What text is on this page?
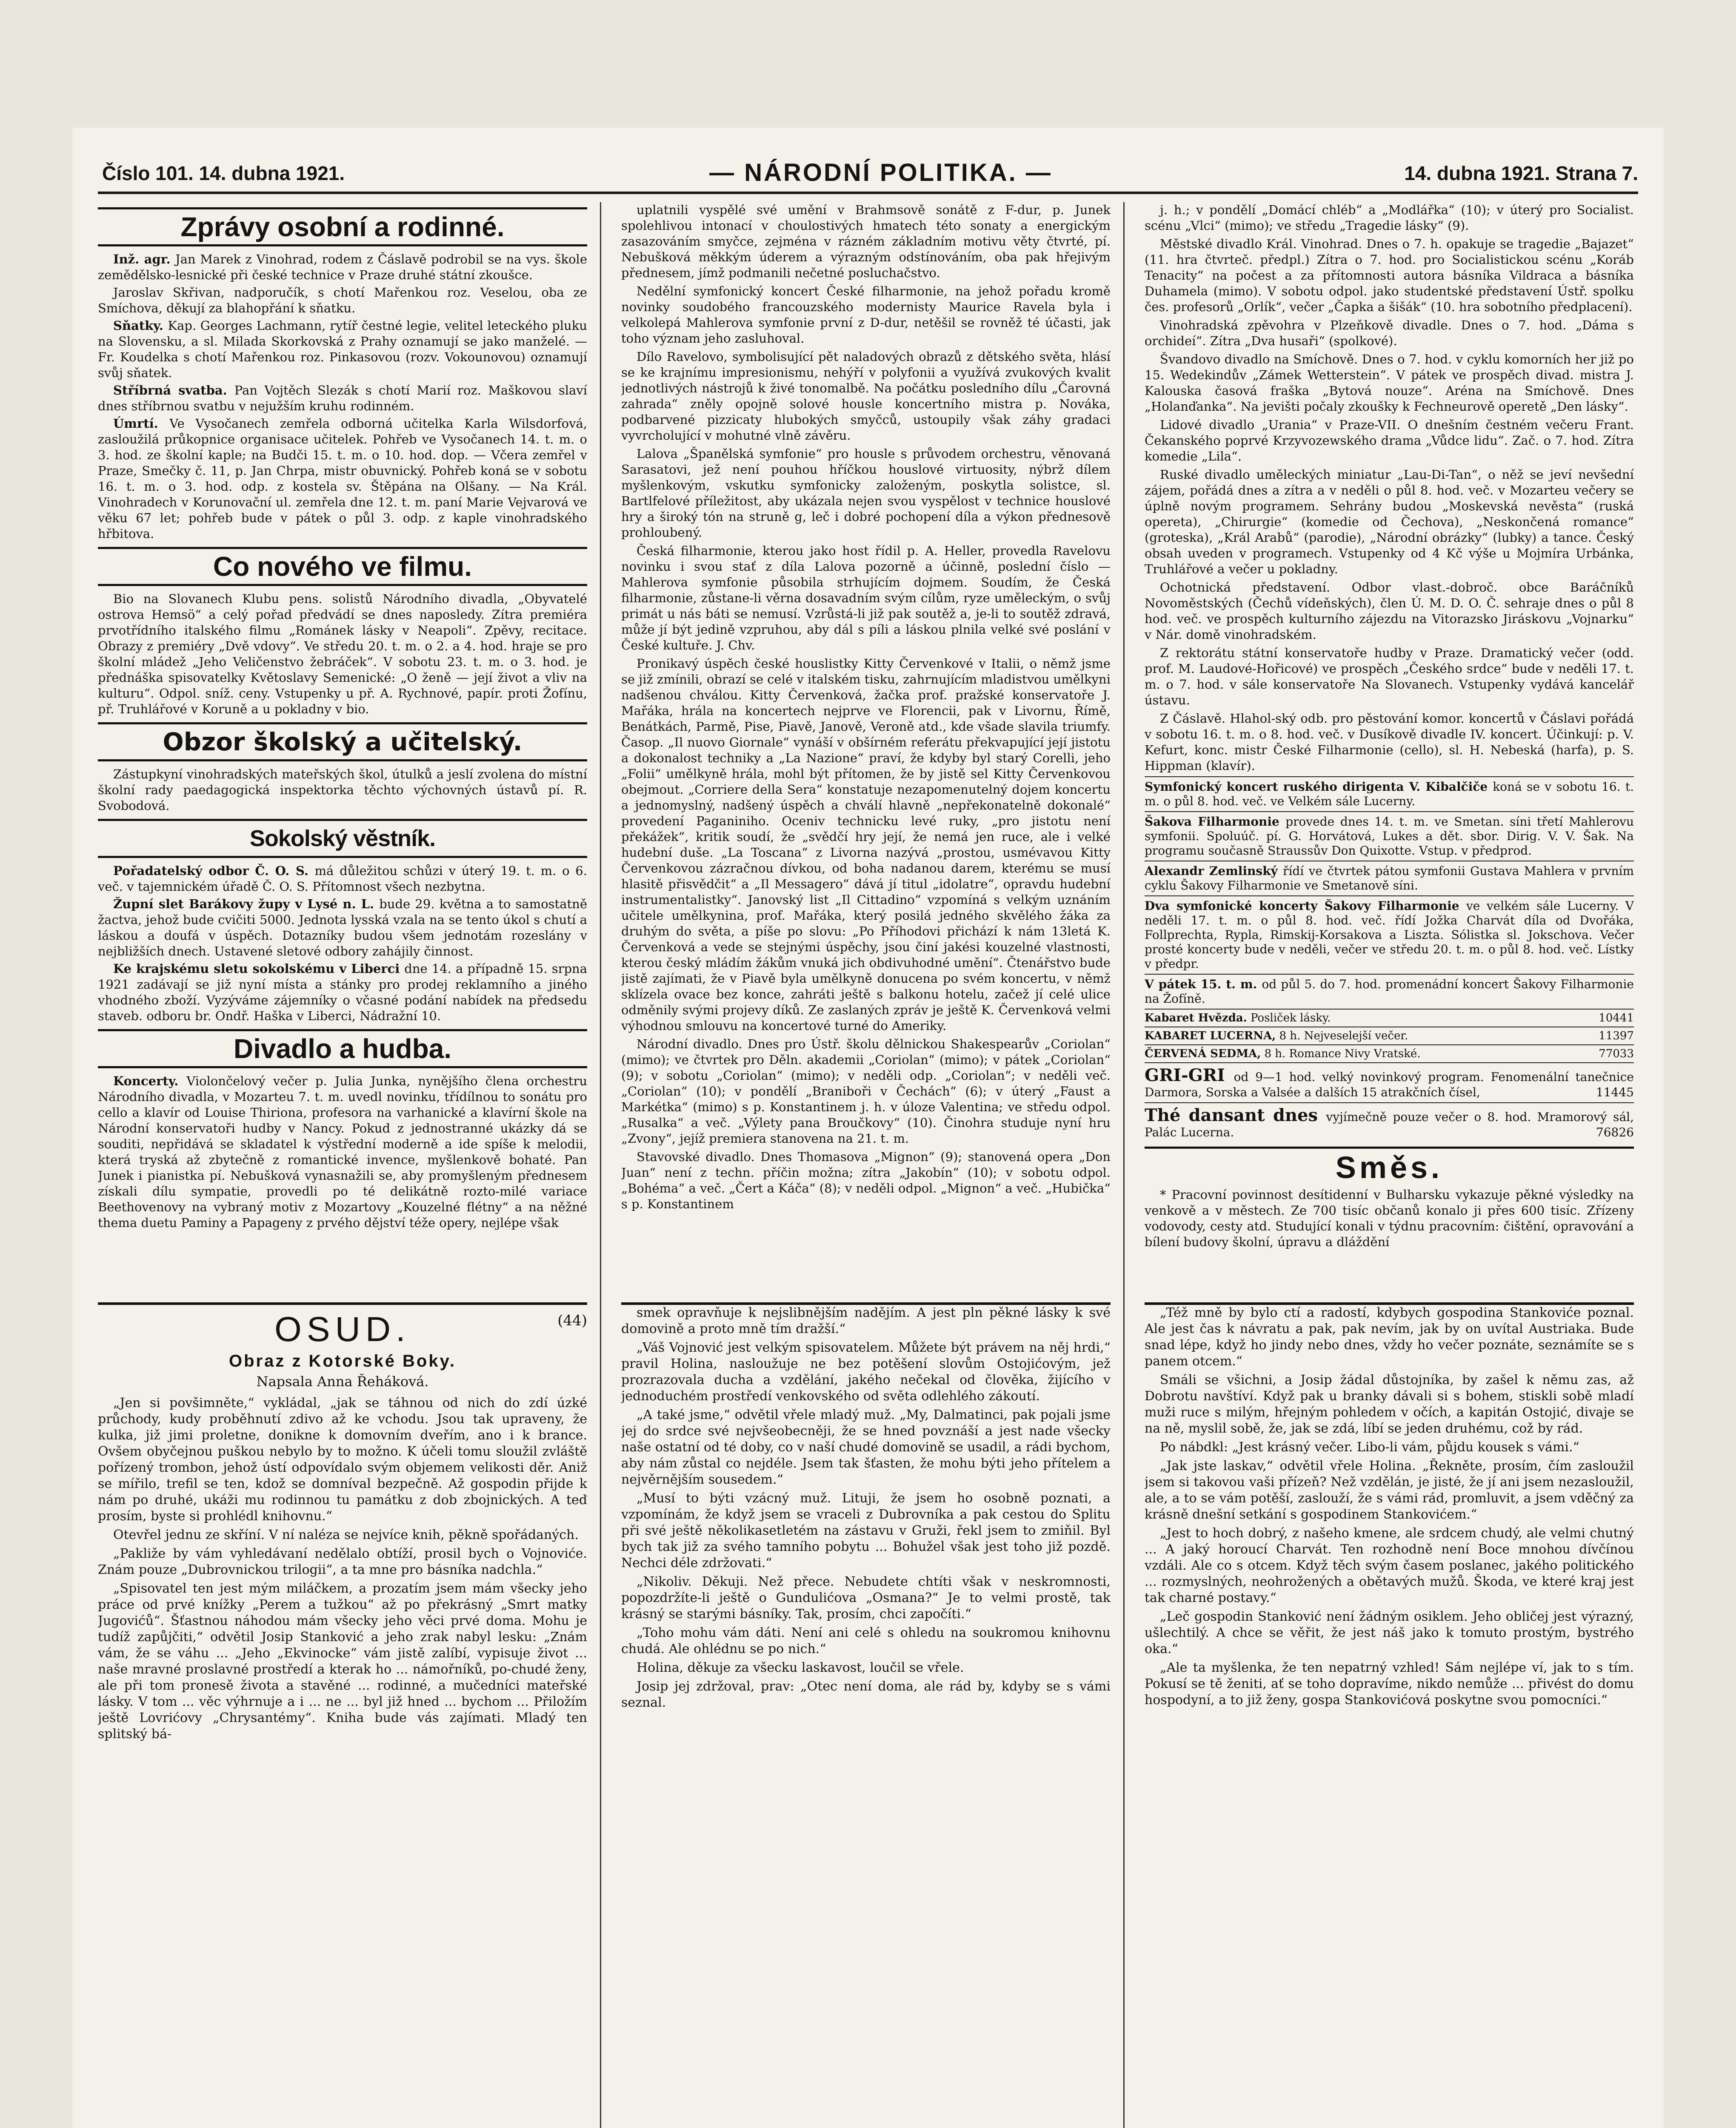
Číslo 101. 14. dubna 1921.	— NÁRODNÍ POLITIKA. —	14. dubna 1921. Strana 7.
Zprávy osobní a rodinné.

Inž. agr. Jan Marek z Vinohrad, rodem z Čáslavě podrobil se na vys. škole zemědělsko-lesnické při české technice v Praze druhé státní zkoušce.

Jaroslav Skřivan, nadporučík, s chotí Mařenkou roz. Veselou, oba ze Smíchova, děkují za blahopřání k sňatku.

Sňatky. Kap. Georges Lachmann, rytíř čestné legie, velitel leteckého pluku na Slovensku, a sl. Milada Skorkovská z Prahy oznamují se jako manželé. — Fr. Koudelka s chotí Mařenkou roz. Pinkasovou (rozv. Vokounovou) oznamují svůj sňatek.

Stříbrná svatba. Pan Vojtěch Slezák s chotí Marií roz. Maškovou slaví dnes stříbrnou svatbu v nejužším kruhu rodinném.

Úmrtí. Ve Vysočanech zemřela odborná učitelka Karla Wilsdorfová, zasloužilá průkopnice organisace učitelek. Pohřeb ve Vysočanech 14. t. m. o 3. hod. ze školní kaple; na Budči 15. t. m. o 10. hod. dop. — Včera zemřel v Praze, Smečky č. 11, p. Jan Chrpa, mistr obuvnický. Pohřeb koná se v sobotu 16. t. m. o 3. hod. odp. z kostela sv. Štěpána na Olšany. — Na Král. Vinohradech v Korunovační ul. zemřela dne 12. t. m. paní Marie Vejvarová ve věku 67 let; pohřeb bude v pátek o půl 3. odp. z kaple vinohradského hřbitova.

Co nového ve filmu.

Bio na Slovanech Klubu pens. solistů Národního divadla, „Obyvatelé ostrova Hemsö“ a celý pořad předvádí se dnes naposledy. Zítra premiéra prvotřídního italského filmu „Románek lásky v Neapoli“. Zpěvy, recitace. Obrazy z premiéry „Dvě vdovy“. Ve středu 20. t. m. o 2. a 4. hod. hraje se pro školní mládež „Jeho Veličenstvo žebráček“. V sobotu 23. t. m. o 3. hod. je přednáška spisovatelky Květoslavy Semenické: „O ženě — její život a vliv na kulturu“. Odpol. sníž. ceny. Vstupenky u př. A. Rychnové, papír. proti Žofínu, př. Truhlářové v Koruně a u pokladny v bio.

Obzor školský a učitelský.

Zástupkyní vinohradských mateřských škol, útulků a jeslí zvolena do místní školní rady paedagogická inspektorka těchto výchovných ústavů pí. R. Svobodová.

Sokolský věstník.

Pořadatelský odbor Č. O. S. má důležitou schůzi v úterý 19. t. m. o 6. več. v tajemnickém úřadě Č. O. S. Přítomnost všech nezbytna.

Župní slet Barákovy župy v Lysé n. L. bude 29. května a to samostatně žactva, jehož bude cvičiti 5000. Jednota lysská vzala na se tento úkol s chutí a láskou a doufá v úspěch. Dotazníky budou všem jednotám rozeslány v nejbližších dnech. Ustavené sletové odbory zahájily činnost.

Ke krajskému sletu sokolskému v Liberci dne 14. a případně 15. srpna 1921 zadávají se již nyní místa a stánky pro prodej reklamního a jiného vhodného zboží. Vyzýváme zájemníky o včasné podání nabídek na předsedu staveb. odboru br. Ondř. Haška v Liberci, Nádražní 10.

Divadlo a hudba.

Koncerty. Violončelový večer p. Julia Junka, nynějšího člena orchestru Národního divadla, v Mozarteu 7. t. m. uvedl novinku, třídílnou to sonátu pro cello a klavír od Louise Thiriona, profesora na varhanické a klavírní škole na Národní konservatoři hudby v Nancy. Pokud z jednostranné ukázky dá se souditi, nepřidává se skladatel k výstřední moderně a ide spíše k melodii, která tryská až zbytečně z romantické invence, myšlenkově bohaté. Pan Junek i pianistka pí. Nebušková vynasnažili se, aby promyšleným přednesem získali dílu sympatie, provedli po té delikátně rozto-milé variace Beethovenovy na vybraný motiv z Mozartovy „Kouzelné flétny“ a na něžné thema duetu Paminy a Papageny z prvého dějství téže opery, nejlépe však

uplatnili vyspělé své umění v Brahmsově sonátě z F-dur, p. Junek spolehlivou intonací v choulostivých hmatech této sonaty a energickým zasazováním smyčce, zejména v rázném základním motivu věty čtvrté, pí. Nebušková měkkým úderem a výrazným odstínováním, oba pak hřejivým přednesem, jímž podmanili nečetné posluchačstvo.

Nedělní symfonický koncert České filharmonie, na jehož pořadu kromě novinky soudobého francouzského modernisty Maurice Ravela byla i velkolepá Mahlerova symfonie první z D-dur, netěšil se rovněž té účasti, jak toho význam jeho zasluhoval.

Dílo Ravelovo, symbolisující pět naladových obrazů z dětského světa, hlásí se ke krajnímu impresionismu, nehýří v polyfonii a využívá zvukových kvalit jednotlivých nástrojů k živé tonomalbě. Na počátku posledního dílu „Čarovná zahrada“ zněly opojně solové housle koncertního mistra p. Nováka, podbarvené pizzicaty hlubokých smyčců, ustoupily však záhy gradaci vyvrcholující v mohutné vlně závěru.

Lalova „Španělská symfonie“ pro housle s průvodem orchestru, věnovaná Sarasatovi, jež není pouhou hříčkou houslové virtuosity, nýbrž dílem myšlenkovým, vskutku symfonicky založeným, poskytla solistce, sl. Bartlfelové příležitost, aby ukázala nejen svou vyspělost v technice houslové hry a široký tón na struně g, leč i dobré pochopení díla a výkon přednesově prohloubený.

Česká filharmonie, kterou jako host řídil p. A. Heller, provedla Ravelovu novinku i svou stať z díla Lalova pozorně a účinně, poslední číslo — Mahlerova symfonie působila strhujícím dojmem. Soudím, že Česká filharmonie, zůstane-li věrna dosavadním svým cílům, ryze uměleckým, o svůj primát u nás báti se nemusí. Vzrůstá-li již pak soutěž a, je-li to soutěž zdravá, může jí být jedině vzpruhou, aby dál s píli a láskou plnila velké své poslání v České kultuře. J. Chv.

Pronikavý úspěch české houslistky Kitty Červenkové v Italii, o němž jsme se již zmínili, obrazí se celé v italském tisku, zahrnujícím mladistvou umělkyni nadšenou chválou. Kitty Červenková, žačka prof. pražské konservatoře J. Mařáka, hrála na koncertech nejprve ve Florencii, pak v Livornu, Římě, Benátkách, Parmě, Pise, Piavě, Janově, Veroně atd., kde všade slavila triumfy. Časop. „Il nuovo Giornale“ vynáší v obšírném referátu překvapující její jistotu a dokonalost techniky a „La Nazione“ praví, že kdyby byl starý Corelli, jeho „Folii“ umělkyně hrála, mohl být přítomen, že by jistě sel Kitty Červenkovou obejmout. „Corriere della Sera“ konstatuje nezapomenutelný dojem koncertu a jednomyslný, nadšený úspěch a chválí hlavně „nepřekonatelně dokonalé“ provedení Paganiniho. Oceniv technicku levé ruky, „pro jistotu není překážek“, kritik soudí, že „svědčí hry její, že nemá jen ruce, ale i velké hudební duše. „La Toscana“ z Livorna nazývá „prostou, usmévavou Kitty Červenkovou zázračnou dívkou, od boha nadanou darem, kterému se musí hlasitě přisvědčit“ a „Il Messagero“ dává jí titul „idolatre“, opravdu hudební instrumentalistky“. Janovský list „Il Cittadino“ vzpomíná s velkým uznáním učitele umělkynina, prof. Mařáka, který posilá jedného skvělého žáka za druhým do světa, a píše po slovu: „Po Příhodovi přichází k nám 13letá K. Červenková a vede se stejnými úspěchy, jsou činí jakési kouzelné vlastnosti, kterou český mládím žákům vnuká jich obdivuhodné umění“. Čtenářstvo bude jistě zajímati, že v Piavě byla umělkyně donucena po svém koncertu, v němž sklízela ovace bez konce, zahráti ještě s balkonu hotelu, začež jí celé ulice odměnily svými projevy díků. Ze zaslaných zpráv je ještě K. Červenková velmi výhodnou smlouvu na koncertové turné do Ameriky.

Národní divadlo. Dnes pro Ústř. školu dělnickou Shakespearův „Coriolan“ (mimo); ve čtvrtek pro Děln. akademii „Coriolan“ (mimo); v pátek „Coriolan“ (9); v sobotu „Coriolan“ (mimo); v neděli odp. „Coriolan“; v neděli več. „Coriolan“ (10); v pondělí „Braniboři v Čechách“ (6); v úterý „Faust a Markétka“ (mimo) s p. Konstantinem j. h. v úloze Valentina; ve středu odpol. „Rusalka“ a več. „Výlety pana Broučkovy“ (10). Činohra studuje nyní hru „Zvony“, jejíž premiera stanovena na 21. t. m.

Stavovské divadlo. Dnes Thomasova „Mignon“ (9); stanovená opera „Don Juan“ není z techn. příčin možna; zítra „Jakobín“ (10); v sobotu odpol. „Bohéma“ a več. „Čert a Káča“ (8); v neděli odpol. „Mignon“ a več. „Hubička“ s p. Konstantinem

j. h.; v pondělí „Domácí chléb“ a „Modlářka“ (10); v úterý pro Socialist. scénu „Vlci“ (mimo); ve středu „Tragedie lásky“ (9).

Městské divadlo Král. Vinohrad. Dnes o 7. h. opakuje se tragedie „Bajazet“ (11. hra čtvrteč. předpl.) Zítra o 7. hod. pro Socialistickou scénu „Koráb Tenacity“ na počest a za přítomnosti autora básníka Vildraca a básníka Duhamela (mimo). V sobotu odpol. jako studentské představení Ústř. spolku čes. profesorů „Orlík“, večer „Čapka a šišák“ (10. hra sobotního předplacení).

Vinohradská zpěvohra v Plzeňkově divadle. Dnes o 7. hod. „Dáma s orchideí“. Zítra „Dva husaři“ (spolkové).

Švandovo divadlo na Smíchově. Dnes o 7. hod. v cyklu komorních her již po 15. Wedekindův „Zámek Wetterstein“. V pátek ve prospěch divad. mistra J. Kalouska časová fraška „Bytová nouze“. Aréna na Smíchově. Dnes „Holanďanka“. Na jevišti počaly zkoušky k Fechneurově operetě „Den lásky“.

Lidové divadlo „Urania“ v Praze-VII. O dnešním čestném večeru Frant. Čekanského poprvé Krzyvozewského drama „Vůdce lidu“. Zač. o 7. hod. Zítra komedie „Lila“.

Ruské divadlo uměleckých miniatur „Lau-Di-Tan“, o něž se jeví nevšední zájem, pořádá dnes a zítra a v neděli o půl 8. hod. več. v Mozarteu večery se úplně novým programem. Sehrány budou „Moskevská nevěsta“ (ruská opereta), „Chirurgie“ (komedie od Čechova), „Neskončená romance“ (groteska), „Král Arabů“ (parodie), „Národní obrázky“ (lubky) a tance. Český obsah uveden v programech. Vstupenky od 4 Kč výše u Mojmíra Urbánka, Truhlářové a večer u pokladny.

Ochotnická představení. Odbor vlast.-dobroč. obce Baráčníků Novoměstských (Čechů vídeňských), člen Ú. M. D. O. Č. sehraje dnes o půl 8 hod. več. ve prospěch kulturního zájezdu na Vitorazsko Jiráskovu „Vojnarku“ v Nár. domě vinohradském.

Z rektorátu státní konservatoře hudby v Praze. Dramatický večer (odd. prof. M. Laudové-Hořicové) ve prospěch „Českého srdce“ bude v neděli 17. t. m. o 7. hod. v sále konservatoře Na Slovanech. Vstupenky vydává kancelář ústavu.

Z Čáslavě. Hlahol-ský odb. pro pěstování komor. koncertů v Čáslavi pořádá v sobotu 16. t. m. o 8. hod. več. v Dusíkově divadle IV. koncert. Účinkují: p. V. Kefurt, konc. mistr České Filharmonie (cello), sl. H. Nebeská (harfa), p. S. Hippman (klavír).

Symfonický koncert ruského dirigenta V. Kibalčiče koná se v sobotu 16. t. m. o půl 8. hod. več. ve Velkém sále Lucerny.
Šakova Filharmonie provede dnes 14. t. m. ve Smetan. síni třetí Mahlerovu symfonii. Spoluúč. pí. G. Horvátová, Lukes a dět. sbor. Dirig. V. V. Šak. Na programu současně Straussův Don Quixotte. Vstup. v předprod.
Alexandr Zemlinský řídí ve čtvrtek pátou symfonii Gustava Mahlera v prvním cyklu Šakovy Filharmonie ve Smetanově síni.
Dva symfonické koncerty Šakovy Filharmonie ve velkém sále Lucerny. V neděli 17. t. m. o půl 8. hod. več. řídí Jožka Charvát díla od Dvořáka, Follprechta, Rypla, Rimskij-Korsakova a Liszta. Sólistka sl. Jokschova. Večer prosté koncerty bude v neděli, večer ve středu 20. t. m. o půl 8. hod. več. Lístky v předpr.
V pátek 15. t. m. od půl 5. do 7. hod. promenádní koncert Šakovy Filharmonie na Žofíně.
Kabaret Hvězda. Posliček lásky.	10441
KABARET LUCERNA, 8 h. Nejveselejší večer.	11397
ČERVENÁ SEDMA, 8 h. Romance Nivy Vratské.	77033
GRI-GRI od 9—1 hod. velký novinkový program. Fenomenální tanečnice Darmora, Sorska a Valsée a dalších 15 atrakčních čísel,	11445
Thé dansant dnes vyjímečně pouze večer o 8. hod. Mramorový sál, Palác Lucerna.	76826
Směs.

* Pracovní povinnost desítidenní v Bulharsku vykazuje pěkné výsledky na venkově a v městech. Ze 700 tisíc občanů konalo ji přes 600 tisíc. Zřízeny vodovody, cesty atd. Studující konali v týdnu pracovním: čištění, opravování a bílení budovy školní, úpravu a dláždění

OSUD.	(44)
Obraz z Kotorské Boky.
Napsala Anna Řeháková.

„Jen si povšimněte,“ vykládal, „jak se táhnou od nich do zdí úzké průchody, kudy proběhnutí zdivo až ke vchodu. Jsou tak upraveny, že kulka, již jimi proletne, donikne k domovním dveřím, ano i k brance. Ovšem obyčejnou puškou nebylo by to možno. K účeli tomu sloužil zvláště pořízený trombon, jehož ústí odpovídalo svým objemem velikosti děr. Aniž se mířilo, trefil se ten, kdož se domníval bezpečně. Až gospodin přijde k nám po druhé, ukáži mu rodinnou tu památku z dob zbojnických. A teď prosím, byste si prohlédl knihovnu.“

Otevřel jednu ze skříní. V ní naléza se nejvíce knih, pěkně spořádaných.

„Pakliže by vám vyhledávaní nedělalo obtíží, prosil bych o Vojnoviće. Znám pouze „Dubrovnickou trilogii“, a ta mne pro básníka nadchla.“

„Spisovatel ten jest mým miláčkem, a prozatím jsem mám všecky jeho práce od prvé knížky „Perem a tužkou“ až po překrásný „Smrt matky Jugovićů“. Šťastnou náhodou mám všecky jeho věci prvé doma. Mohu je tudíž zapůjčiti,“ odvětil Josip Stanković a jeho zrak nabyl lesku: „Znám vám, že se váhu ... „Jeho „Ekvinocke“ vám jistě zalíbí, vypisuje život ... naše mravné proslavné prostředí a kterak ho ... námořníků, po-chudé ženy, ale při tom pronesě života a stavěné ... rodinné, a mučedníci mateřské lásky. V tom ... věc výhrnuje a i ... ne ... byl již hned ... bychom ... Přiložím ještě Lovrićovy „Chrysantémy“. Kniha bude vás zajímati. Mladý ten splitský bá-

smek opravňuje k nejslibnějším nadějím. A jest pln pěkné lásky k své domovině a proto mně tím dražší.“

„Váš Vojnović jest velkým spisovatelem. Můžete být právem na něj hrdi,“ pravil Holina, nasloužuje ne bez potěšení slovům Ostojićovým, jež prozrazovala ducha a vzdělání, jakého nečekal od člověka, žijícího v jednoduchém prostředí venkovského od světa odlehlého zákoutí.

„A také jsme,“ odvětil vřele mladý muž. „My, Dalmatinci, pak pojali jsme jej do srdce své nejvšeobecněji, že se hned povznáší a jest nade všecky naše ostatní od té doby, co v naší chudé domovině se usadil, a rádi bychom, aby nám zůstal co nejdéle. Jsem tak šťasten, že mohu býti jeho přítelem a nejvěrnějším sousedem.“

„Musí to býti vzácný muž. Lituji, že jsem ho osobně poznati, a vzpomínám, že když jsem se vraceli z Dubrovníka a pak cestou do Splitu při své ještě několikasetletém na zástavu v Gruži, řekl jsem to zmiňil. Byl bych tak již za svého tamního pobytu ... Bohužel však jest toho již pozdě. Nechci déle zdržovati.“

„Nikoliv. Děkuji. Než přece. Nebudete chtíti však v neskromnosti, popozdržíte-li ještě o Gundulićova „Osmana?“ Je to velmi prostě, tak krásný se starými básníky. Tak, prosím, chci započíti.“

„Toho mohu vám dáti. Není ani celé s ohledu na soukromou knihovnu chudá. Ale ohlédnu se po nich.“

Holina, děkuje za všecku laskavost, loučil se vřele.

Josip jej zdržoval, prav: „Otec není doma, ale rád by, kdyby se s vámi seznal.

„Též mně by bylo ctí a radostí, kdybych gospodina Stankoviće poznal. Ale jest čas k návratu a pak, pak nevím, jak by on uvítal Austriaka. Bude snad lépe, když ho jindy nebo dnes, vždy ho večer poznáte, seznámíte se s panem otcem.“

Smáli se všichni, a Josip žádal důstojníka, by zašel k němu zas, až Dobrotu navštíví. Když pak u branky dávali si s bohem, stiskli sobě mladí muži ruce s milým, hřejným pohledem v očích, a kapitán Ostojić, divaje se na ně, myslil sobě, že, jak se zdá, líbí se jeden druhému, což by rád.

Po nábdkl: „Jest krásný večer. Libo-li vám, půjdu kousek s vámi.“

„Jak jste laskav,“ odvětil vřele Holina. „Řekněte, prosím, čím zasloužil jsem si takovou vaši přízeň? Než vzdělán, je jisté, že jí ani jsem nezasloužil, ale, a to se vám potěší, zaslouží, že s vámi rád, promluvit, a jsem vděčný za krásně dnešní setkání s gospodinem Stankovićem.“

„Jest to hoch dobrý, z našeho kmene, ale srdcem chudý, ale velmi chutný ... A jaký horoucí Charvát. Ten rozhodně není Boce mnohou dívčínou vzdáli. Ale co s otcem. Když těch svým časem poslanec, jakého politického ... rozmyslných, neohrožených a obětavých mužů. Škoda, ve které kraj jest tak charné postavy.“

„Leč gospodin Stanković není žádným osiklem. Jeho obličej jest výrazný, ušlechtilý. A chce se věřit, že jest náš jako k tomuto prostým, bystrého oka.“

„Ale ta myšlenka, že ten nepatrný vzhled! Sám nejlépe ví, jak to s tím. Pokusí se tě ženiti, ať se toho dopravíme, nikdo nemůže ... přivést do domu hospodyní, a to již ženy, gospa Stankovićová poskytne svou pomocníci.“
